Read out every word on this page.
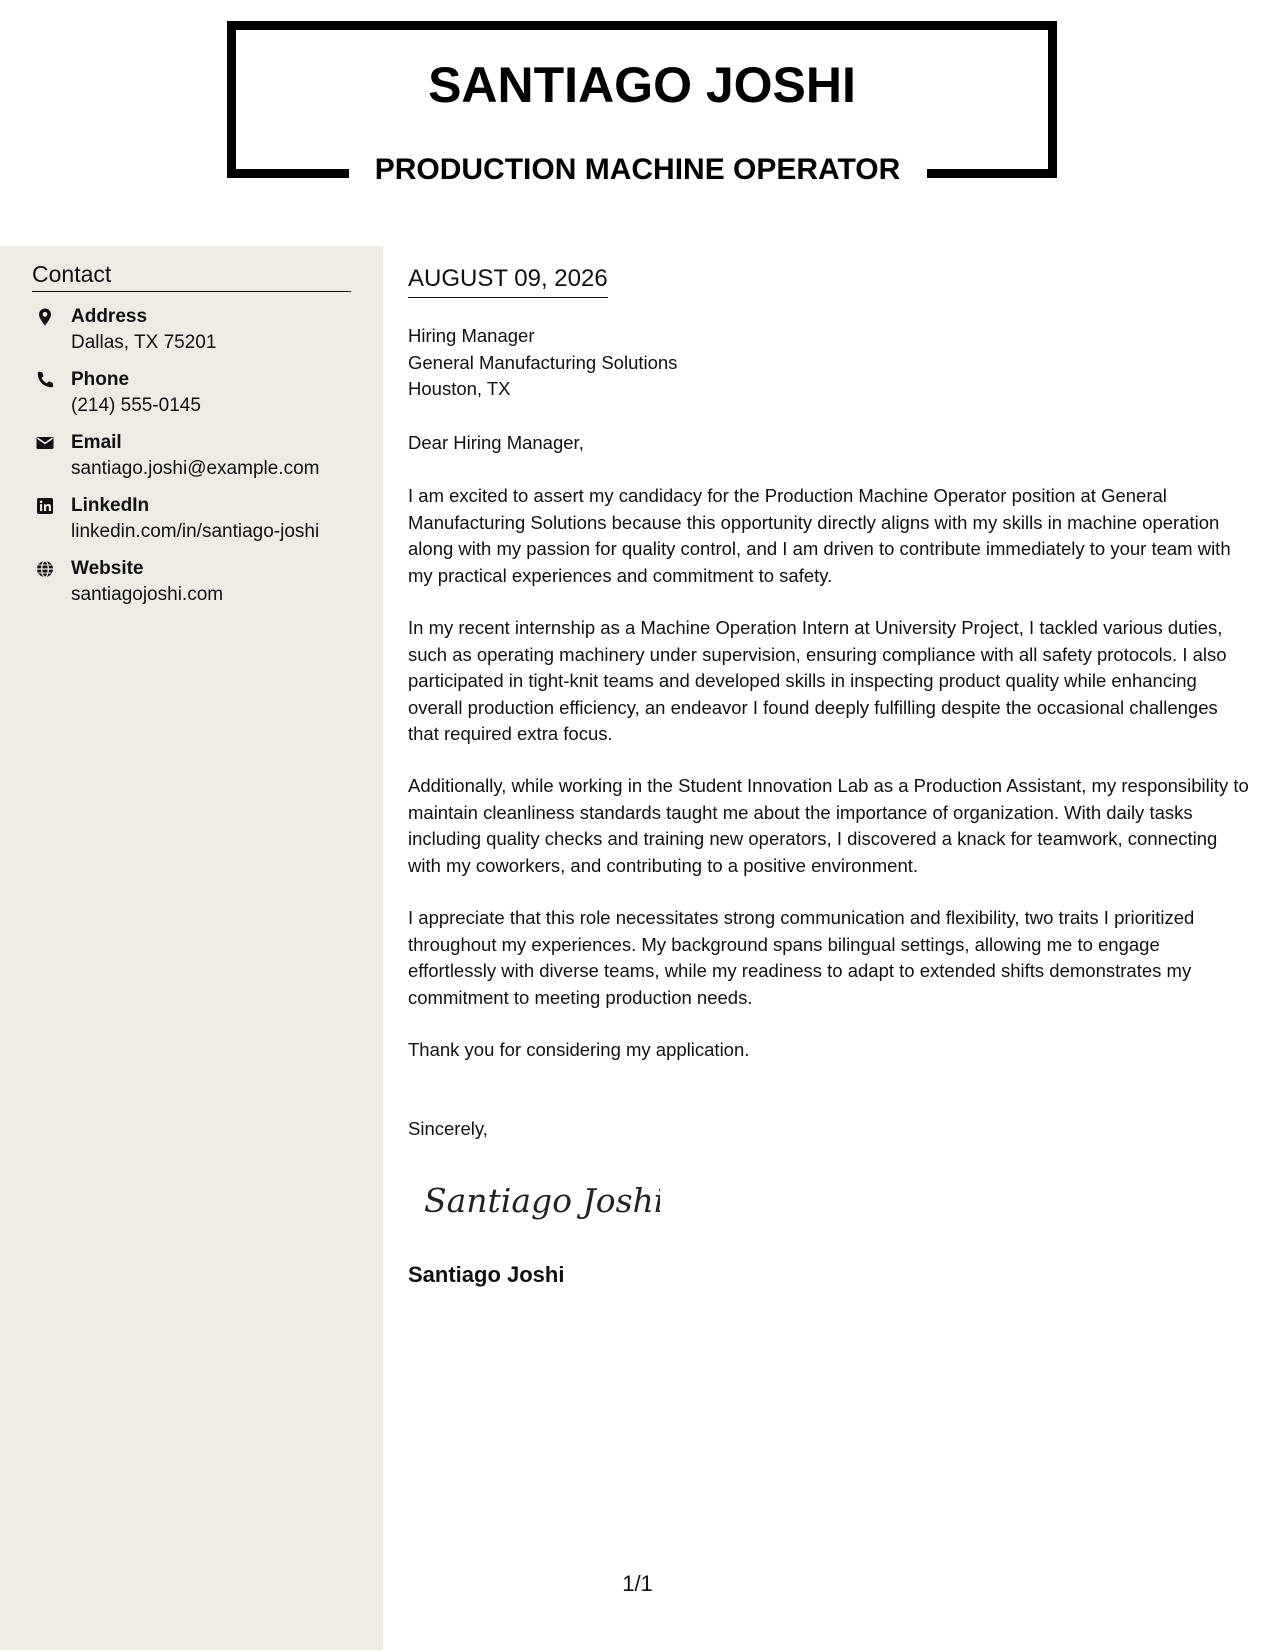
SANTIAGO JOSHI
PRODUCTION MACHINE OPERATOR
Contact
Address
Dallas, TX 75201
Phone
(214) 555-0145
Email
santiago.joshi@example.com
LinkedIn
linkedin.com/in/santiago-joshi
Website
santiagojoshi.com
AUGUST 09, 2026
Hiring Manager
General Manufacturing Solutions
Houston, TX
Dear Hiring Manager,
I am excited to assert my candidacy for the Production Machine Operator position at General Manufacturing Solutions because this opportunity directly aligns with my skills in machine operation along with my passion for quality control, and I am driven to contribute immediately to your team with my practical experiences and commitment to safety.
In my recent internship as a Machine Operation Intern at University Project, I tackled various duties, such as operating machinery under supervision, ensuring compliance with all safety protocols. I also participated in tight-knit teams and developed skills in inspecting product quality while enhancing overall production efficiency, an endeavor I found deeply fulfilling despite the occasional challenges that required extra focus.
Additionally, while working in the Student Innovation Lab as a Production Assistant, my responsibility to maintain cleanliness standards taught me about the importance of organization. With daily tasks including quality checks and training new operators, I discovered a knack for teamwork, connecting with my coworkers, and contributing to a positive environment.
I appreciate that this role necessitates strong communication and flexibility, two traits I prioritized throughout my experiences. My background spans bilingual settings, allowing me to engage effortlessly with diverse teams, while my readiness to adapt to extended shifts demonstrates my commitment to meeting production needs.
Thank you for considering my application.
Sincerely,
Santiago Joshi
Santiago Joshi
1/1
